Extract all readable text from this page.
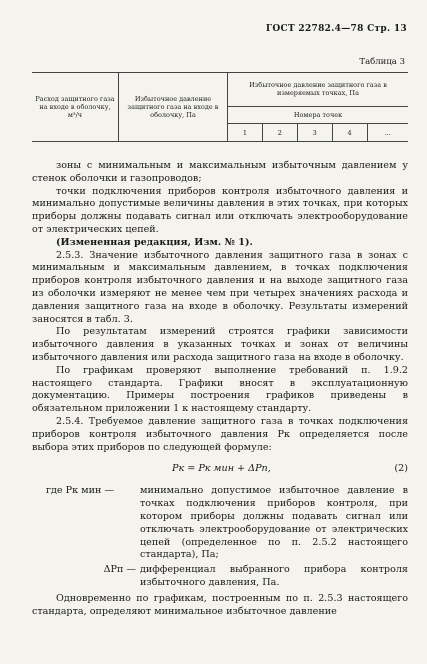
ГОСТ 22782.4—78 Стр. 13
Таблица 3
Расход защитного газа на входе в оболочку, м³/ч	Избыточное давление защитного газа на входе в оболочку, Па	Избыточное давление защитного газа в измеряемых точках, Па				
		Номера точек				
		1	2	3	4	...

зоны с минимальным и максимальным избыточным давлением у стенок оболочки и газопроводов;

точки подключения приборов контроля избыточного давления и минимально допустимые величины давления в этих точках, при которых приборы должны подавать сигнал или отключать электрооборудование от электрических цепей.

(Измененная редакция, Изм. № 1).

2.5.3. Значение избыточного давления защитного газа в зонах с минимальным и максимальным давлением, в точках подключения приборов контроля избыточного давления и на выходе защитного газа из оболочки измеряют не менее чем при четырех значениях расхода и давления защитного газа на входе в оболочку. Результаты измерений заносятся в табл. 3.

По результатам измерений строятся графики зависимости избыточного давления в указанных точках и зонах от величины избыточного давления или расхода защитного газа на входе в оболочку.

По графикам проверяют выполнение требований п. 1.9.2 настоящего стандарта. Графики вносят в эксплуатационную документацию. Примеры построения графиков приведены в обязательном приложении 1 к настоящему стандарту.

2.5.4. Требуемое давление защитного газа в точках подключения приборов контроля избыточного давления Pк определяется после выбора этих приборов по следующей формуле:

Pк = Pк мин + ΔPп,	(2)
где Pк мин —	минимально допустимое избыточное давление в точках подключения приборов контроля, при котором приборы должны подавать сигнал или отключать электрооборудование от электрических цепей (определенное по п. 2.5.2 настоящего стандарта), Па;
ΔPп — дифференциал выбранного прибора контроля избыточного давления, Па.

Одновременно по графикам, построенным по п. 2.5.3 настоящего стандарта, определяют минимальное избыточное давление
